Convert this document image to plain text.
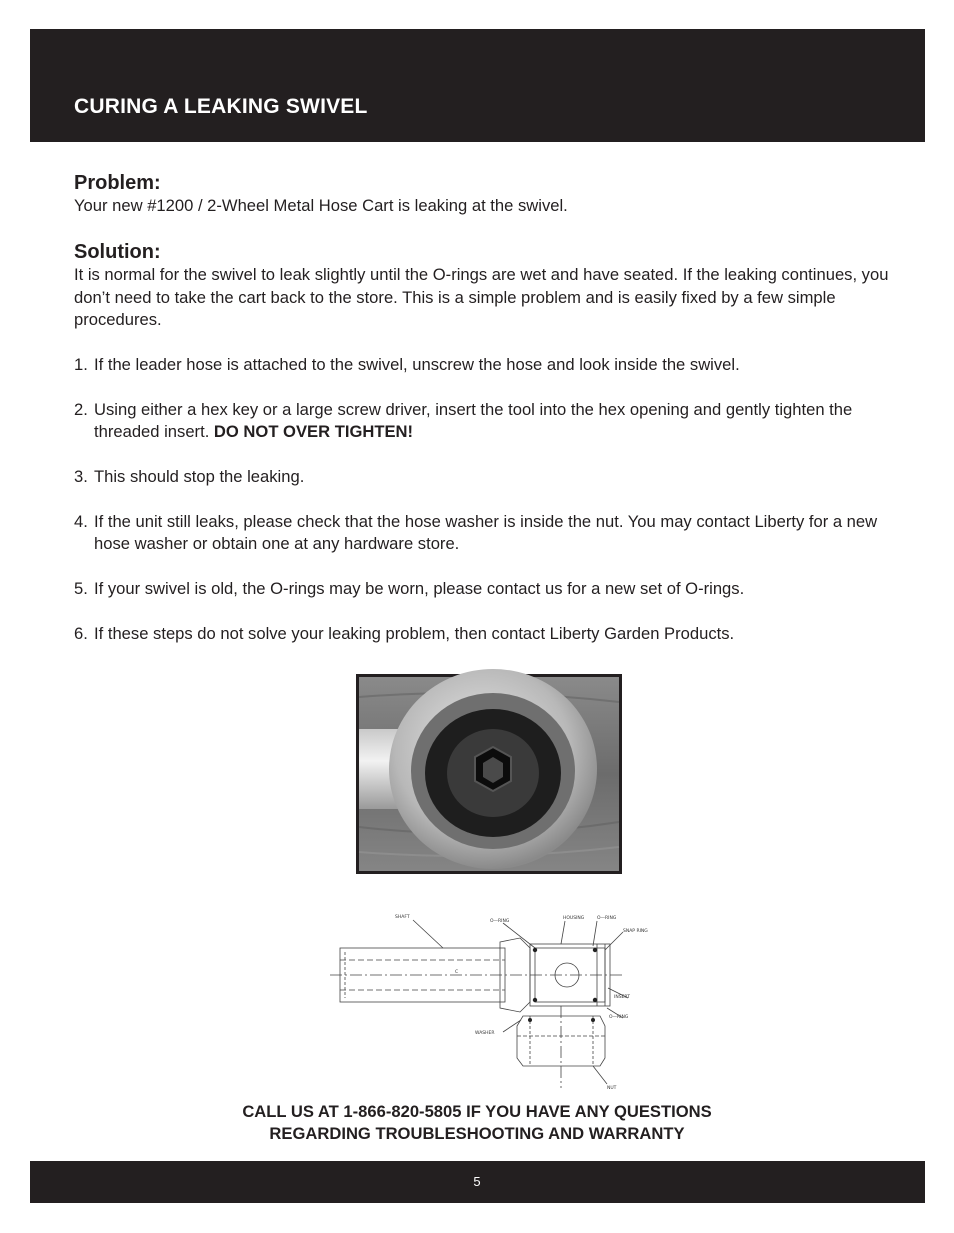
CURING A LEAKING SWIVEL
Problem:

Your new #1200 / 2-Wheel Metal Hose Cart is leaking at the swivel.

Solution:

It is normal for the swivel to leak slightly until the O-rings are wet and have seated. If the leaking continues, you don’t need to take the cart back to the store. This is a simple problem and is easily fixed by a few simple procedures.

1. If the leader hose is attached to the swivel, unscrew the hose and look inside the swivel.
2. Using either a hex key or a large screw driver, insert the tool into the hex opening and gently tighten the threaded insert. DO NOT OVER TIGHTEN!
3. This should stop the leaking.
4. If the unit still leaks, please check that the hose washer is inside the nut. You may contact Liberty for a new hose washer or obtain one at any hardware store.
5. If your swivel is old, the O-rings may be worn, please contact us for a new set of O-rings.
6. If these steps do not solve your leaking problem, then contact Liberty Garden Products.
SHAFT
O—RING
HOUSING	O—RING
SNAP RING
INSERT
O—RING
WASHER
NUT
C
CALL US AT 1-866-820-5805 IF YOU HAVE ANY QUESTIONS
REGARDING TROUBLESHOOTING AND WARRANTY
5
